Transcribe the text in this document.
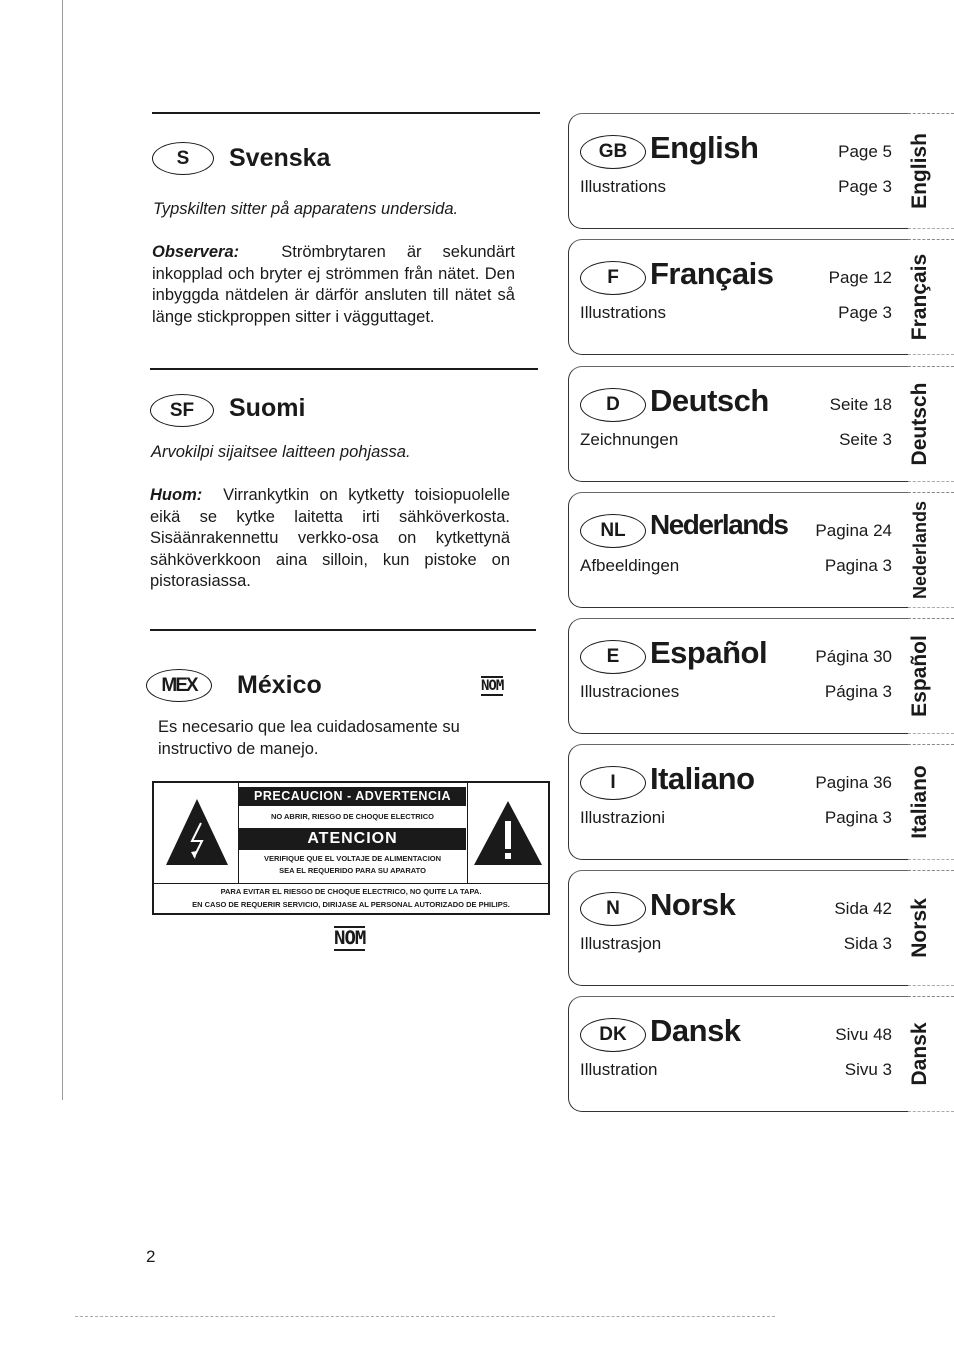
S Svenska
Typskilten sitter på apparatens undersida.
Observera:	Strömbrytaren är sekundärt inkopplad och bryter ej strömmen från nätet. Den inbyggda nätdelen är därför ansluten till nätet så länge stickproppen sitter i vägguttaget.
SF Suomi
Arvokilpi sijaitsee laitteen pohjassa.
Huom: Virrankytkin on kytketty toisiopuolelle eikä se kytke laitetta irti sähköverkosta. Sisäänrakennettu verkko-osa on kytkettynä sähköverkkoon aina silloin, kun pistoke on pistorasiassa.
MEX México	NOM
Es necesario que lea cuidadosamente su instructivo de manejo.
PRECAUCION - ADVERTENCIA
NO ABRIR, RIESGO DE CHOQUE ELECTRICO
ATENCION
VERIFIQUE QUE EL VOLTAJE DE ALIMENTACION
SEA EL REQUERIDO PARA SU APARATO
PARA EVITAR EL RIESGO DE CHOQUE ELECTRICO, NO QUITE LA TAPA.
EN CASO DE REQUERIR SERVICIO, DIRIJASE AL PERSONAL AUTORIZADO DE PHILIPS.
NOM
GB English	Page 5
Illustrations	Page 3 English
F Français	Page 12
Illustrations	Page 3 Français
D Deutsch	Seite 18
Zeichnungen	Seite 3 Deutsch
NL Nederlands Pagina 24
Afbeeldingen	Pagina 3 Nederlands
E Español	Página 30
Illustraciones	Página 3 Español
I Italiano	Pagina 36
Illustrazioni	Pagina 3 Italiano
N Norsk	Sida 42
Illustrasjon	Sida 3 Norsk
DK Dansk	Sivu 48
Illustration	Sivu 3 Dansk
2
